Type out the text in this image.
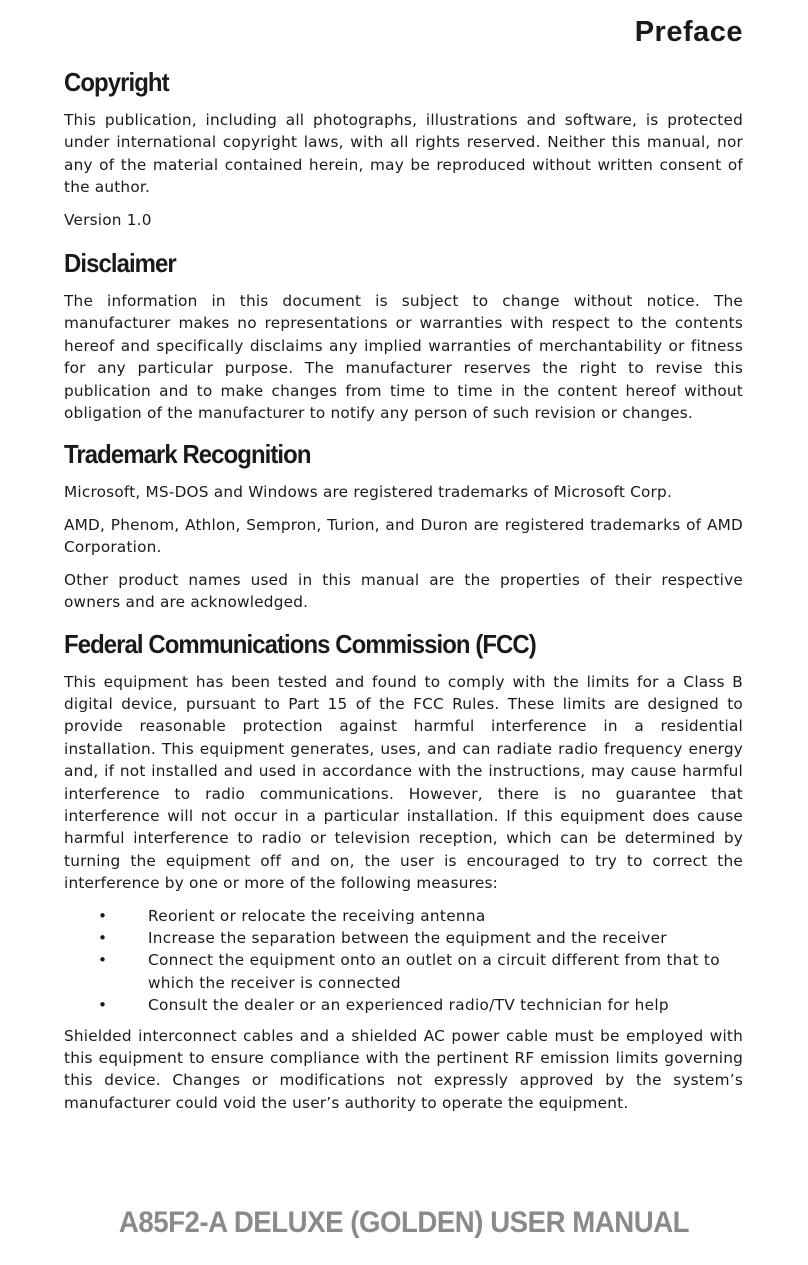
Preface
Copyright

This publication, including all photographs, illustrations and software, is protected under international copyright laws, with all rights reserved. Neither this manual, nor any of the material contained herein, may be reproduced without written consent of the author.

Version 1.0

Disclaimer

The information in this document is subject to change without notice. The manufacturer makes no representations or warranties with respect to the contents hereof and specifically disclaims any implied warranties of merchantability or fitness for any particular purpose. The manufacturer reserves the right to revise this publication and to make changes from time to time in the content hereof without obligation of the manufacturer to notify any person of such revision or changes.

Trademark Recognition

Microsoft, MS-DOS and Windows are registered trademarks of Microsoft Corp.

AMD, Phenom, Athlon, Sempron, Turion, and Duron are registered trademarks of AMD Corporation.

Other product names used in this manual are the properties of their respective owners and are acknowledged.

Federal Communications Commission (FCC)

This equipment has been tested and found to comply with the limits for a Class B digital device, pursuant to Part 15 of the FCC Rules. These limits are designed to provide reasonable protection against harmful interference in a residential installation. This equipment generates, uses, and can radiate radio frequency energy and, if not installed and used in accordance with the instructions, may cause harmful interference to radio communications. However, there is no guarantee that interference will not occur in a particular installation. If this equipment does cause harmful interference to radio or television reception, which can be determined by turning the equipment off and on, the user is encouraged to try to correct the interference by one or more of the following measures:

•	Reorient or relocate the receiving antenna
•	Increase the separation between the equipment and the receiver
•	Connect the equipment onto an outlet on a circuit different from that to which the receiver is connected
•	Consult the dealer or an experienced radio/TV technician for help

Shielded interconnect cables and a shielded AC power cable must be employed with this equipment to ensure compliance with the pertinent RF emission limits governing this device. Changes or modifications not expressly approved by the system’s manufacturer could void the user’s authority to operate the equipment.

A85F2-A DELUXE (GOLDEN) USER MANUAL
